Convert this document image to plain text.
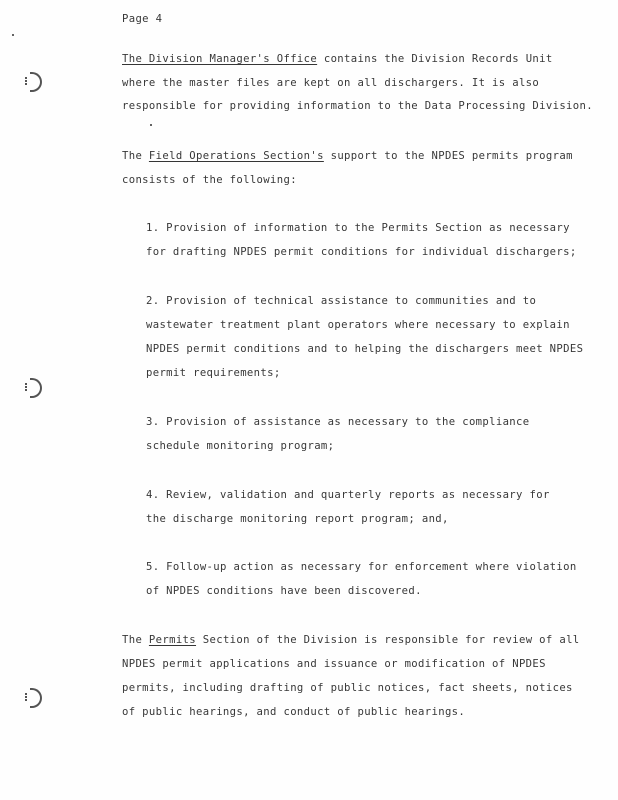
Page 4
The Division Manager's Office contains the Division Records Unit
where the master files are kept on all dischargers. It is also
responsible for providing information to the Data Processing Division.
The Field Operations Section's support to the NPDES permits program
consists of the following:
1. Provision of information to the Permits Section as necessary
for drafting NPDES permit conditions for individual dischargers;
2. Provision of technical assistance to communities and to
wastewater treatment plant operators where necessary to explain
NPDES permit conditions and to helping the dischargers meet NPDES
permit requirements;
3. Provision of assistance as necessary to the compliance
schedule monitoring program;
4. Review, validation and quarterly reports as necessary for
the discharge monitoring report program; and,
5. Follow-up action as necessary for enforcement where violation
of NPDES conditions have been discovered.
The Permits Section of the Division is responsible for review of all
NPDES permit applications and issuance or modification of NPDES
permits, including drafting of public notices, fact sheets, notices
of public hearings, and conduct of public hearings.
